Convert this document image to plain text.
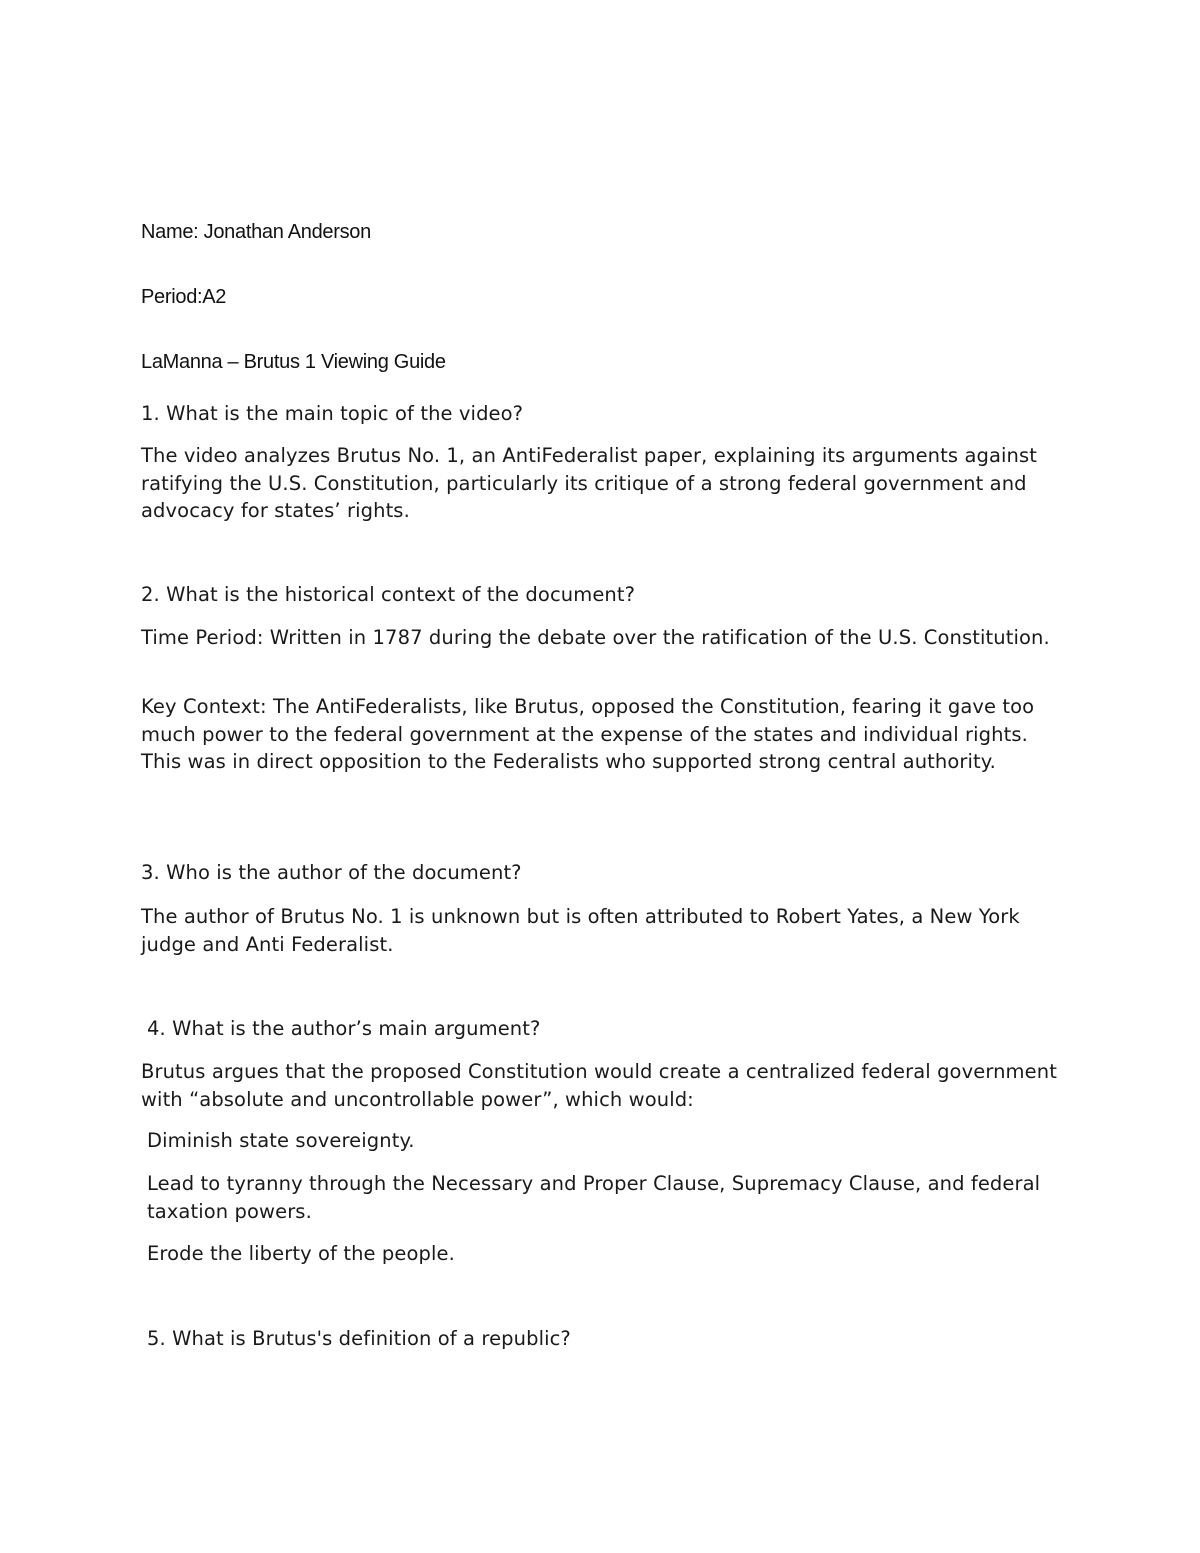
Name: Jonathan Anderson
Period:A2
LaManna – Brutus 1 Viewing Guide
1. What is the main topic of the video?
The video analyzes Brutus No. 1, an AntiFederalist paper, explaining its arguments against ratifying the U.S. Constitution, particularly its critique of a strong federal government and advocacy for states’ rights.
2. What is the historical context of the document?
Time Period: Written in 1787 during the debate over the ratification of the U.S. Constitution.
Key Context: The AntiFederalists, like Brutus, opposed the Constitution, fearing it gave too much power to the federal government at the expense of the states and individual rights. This was in direct opposition to the Federalists who supported strong central authority.
3. Who is the author of the document?
The author of Brutus No. 1 is unknown but is often attributed to Robert Yates, a New York judge and Anti Federalist.
4. What is the author’s main argument?
Brutus argues that the proposed Constitution would create a centralized federal government with “absolute and uncontrollable power”, which would:
Diminish state sovereignty.
Lead to tyranny through the Necessary and Proper Clause, Supremacy Clause, and federal taxation powers.
Erode the liberty of the people.
5. What is Brutus's definition of a republic?
